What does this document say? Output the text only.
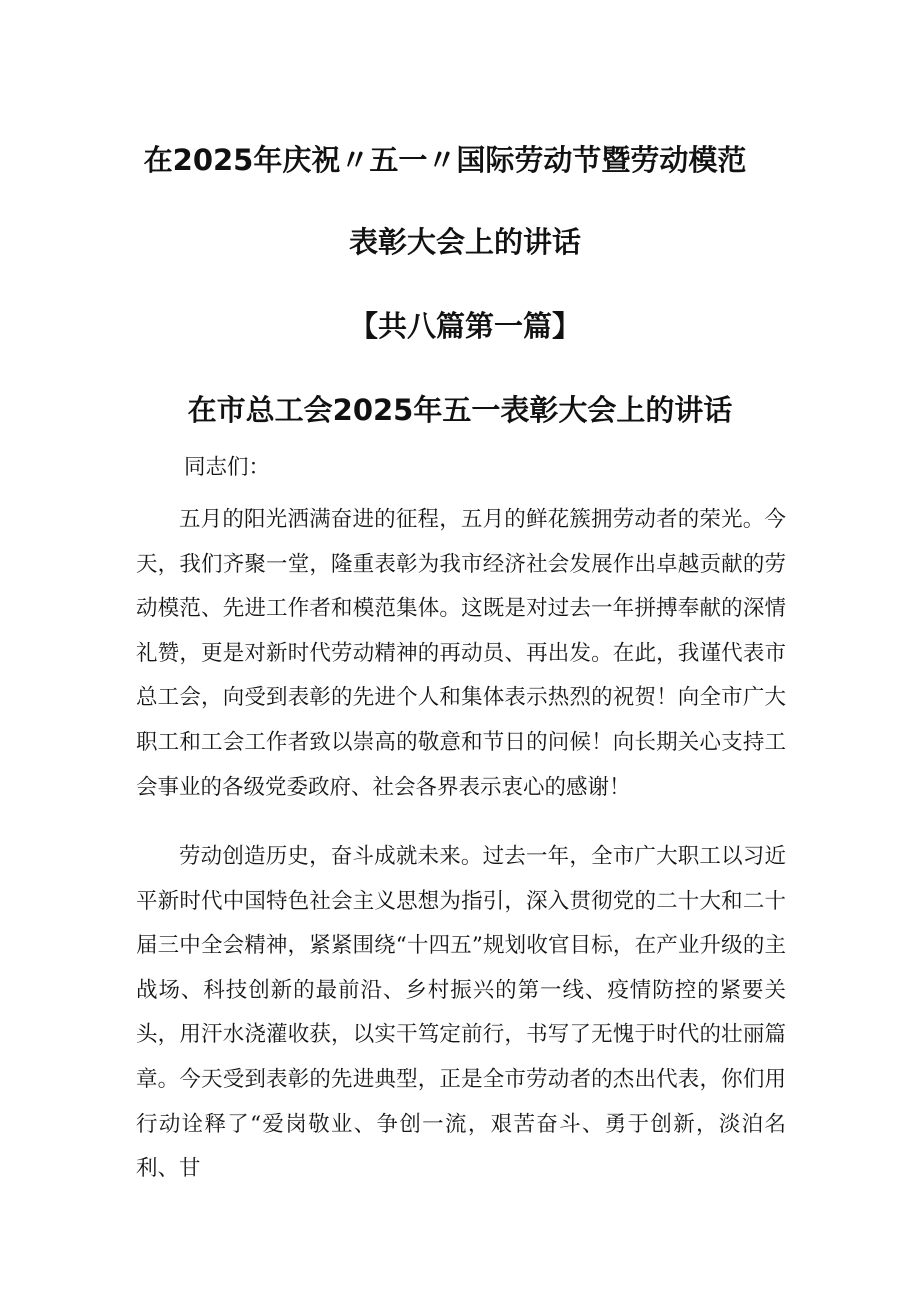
在2025年庆祝〃五一〃国际劳动节暨劳动模范
表彰大会上的讲话
【共八篇第一篇】
在市总工会2025年五一表彰大会上的讲话
同志们：

五月的阳光洒满奋进的征程，五月的鲜花簇拥劳动者的荣光。今天，我们齐聚一堂，隆重表彰为我市经济社会发展作出卓越贡献的劳动模范、先进工作者和模范集体。这既是对过去一年拼搏奉献的深情礼赞，更是对新时代劳动精神的再动员、再出发。在此，我谨代表市总工会，向受到表彰的先进个人和集体表示热烈的祝贺！向全市广大职工和工会工作者致以崇高的敬意和节日的问候！向长期关心支持工会事业的各级党委政府、社会各界表示衷心的感谢！

劳动创造历史，奋斗成就未来。过去一年，全市广大职工以习近平新时代中国特色社会主义思想为指引，深入贯彻党的二十大和二十届三中全会精神，紧紧围绕“十四五”规划收官目标，在产业升级的主战场、科技创新的最前沿、乡村振兴的第一线、疫情防控的紧要关头，用汗水浇灌收获，以实干笃定前行，书写了无愧于时代的壮丽篇章。今天受到表彰的先进典型，正是全市劳动者的杰出代表，你们用行动诠释了“爱岗敬业、争创一流，艰苦奋斗、勇于创新，淡泊名利、甘
